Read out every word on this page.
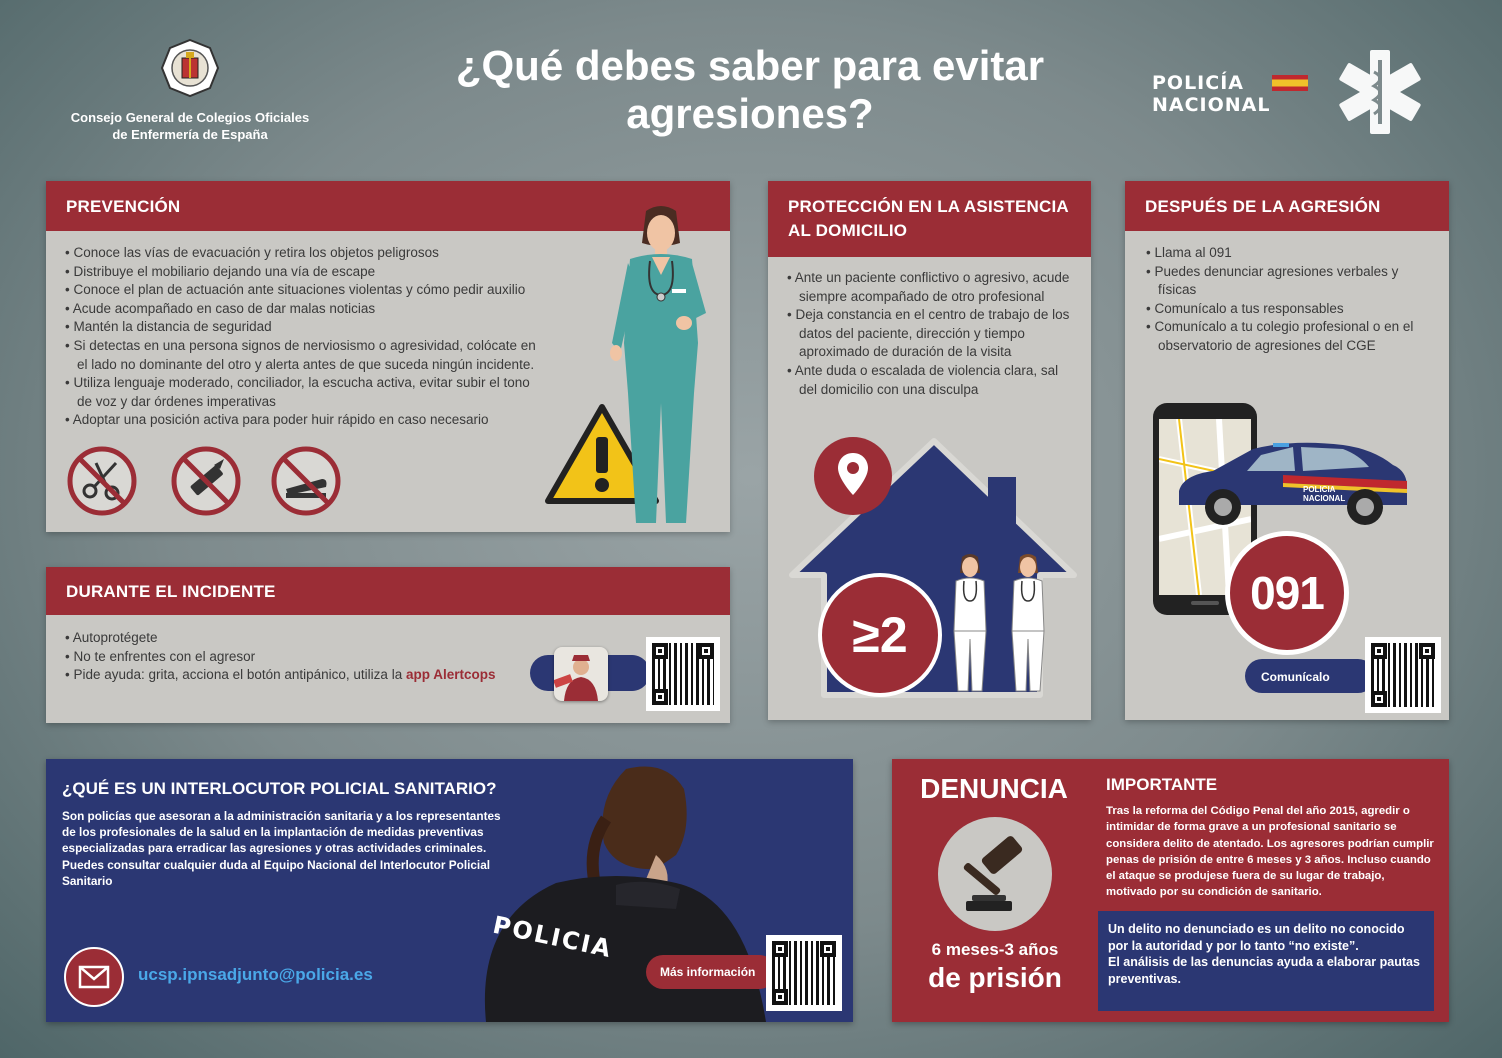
Consejo General de Colegios Oficiales
de Enfermería de España
¿Qué debes saber para evitar
agresiones?
POLICÍA
NACIONAL
PREVENCIÓN
• Conoce las vías de evacuación y retira los objetos peligrosos
• Distribuye el mobiliario dejando una vía de escape
• Conoce el plan de actuación ante situaciones violentas y cómo pedir auxilio
• Acude acompañado en caso de dar malas noticias
• Mantén la distancia de seguridad
• Si detectas en una persona signos de nerviosismo o agresividad, colócate en el lado no dominante del otro y alerta antes de que suceda ningún incidente.
• Utiliza lenguaje moderado, conciliador, la escucha activa, evitar subir el tono de voz y dar órdenes imperativas
• Adoptar una posición activa para poder huir rápido en caso necesario
DURANTE EL INCIDENTE
• Autoprotégete
• No te enfrentes con el agresor
• Pide ayuda: grita, acciona el botón antipánico, utiliza la app Alertcops
PROTECCIÓN EN LA ASISTENCIA
AL DOMICILIO
• Ante un paciente conflictivo o agresivo, acude siempre acompañado de otro profesional
• Deja constancia en el centro de trabajo de los datos del paciente, dirección y tiempo aproximado de duración de la visita
• Ante duda o escalada de violencia clara, sal del domicilio con una disculpa
≥2
DESPUÉS DE LA AGRESIÓN
• Llama al 091
• Puedes denunciar agresiones verbales y físicas
• Comunícalo a tus responsables
• Comunícalo a tu colegio profesional o en el observatorio de agresiones del CGE
POLICIA
NACIONAL
091
Comunícalo
¿QUÉ ES UN INTERLOCUTOR POLICIAL SANITARIO?
Son policías que asesoran a la administración sanitaria y a los representantes de los profesionales de la salud en la implantación de medidas preventivas especializadas para erradicar las agresiones y otras actividades criminales.
Puedes consultar cualquier duda al Equipo Nacional del Interlocutor Policial Sanitario
POLICIA
ucsp.ipnsadjunto@policia.es	Más información
DENUNCIA
6 meses-3 años
de prisión
IMPORTANTE
Tras la reforma del Código Penal del año 2015, agredir o intimidar de forma grave a un profesional sanitario se considera delito de atentado. Los agresores podrían cumplir penas de prisión de entre 6 meses y 3 años. Incluso cuando el ataque se produjese fuera de su lugar de trabajo, motivado por su condición de sanitario.
Un delito no denunciado es un delito no conocido por la autoridad y por lo tanto “no existe”.
El análisis de las denuncias ayuda a elaborar pautas preventivas.
